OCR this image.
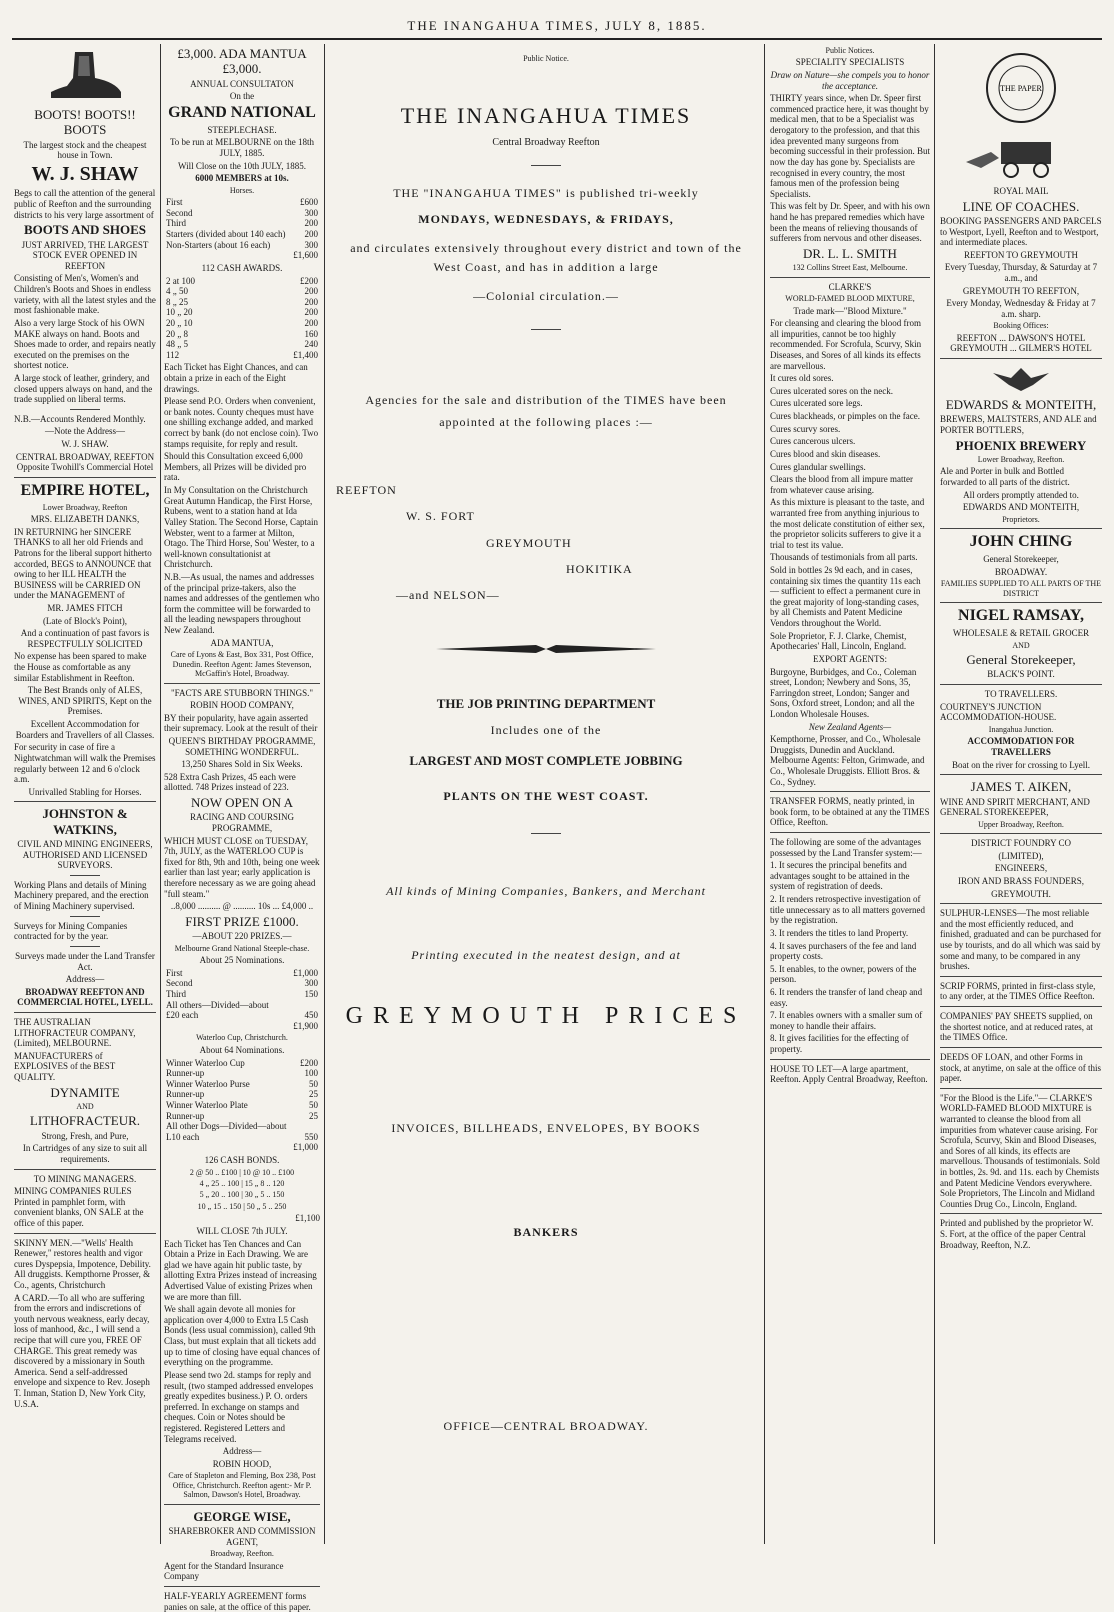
THE INANGAHUA TIMES, JULY 8, 1885.

BOOTS! BOOTS!! BOOTS

The largest stock and the cheapest house in Town.

W. J. SHAW

Begs to call the attention of the general public of Reefton and the surrounding districts to his very large assortment of

BOOTS AND SHOES

JUST ARRIVED, THE LARGEST STOCK EVER OPENED IN REEFTON

Consisting of Men's, Women's and Children's Boots and Shoes in endless variety, with all the latest styles and the most fashionable make.

Also a very large Stock of his OWN MAKE always on hand. Boots and Shoes made to order, and repairs neatly executed on the premises on the shortest notice.

A large stock of leather, grindery, and closed uppers always on hand, and the trade supplied on liberal terms.

N.B.—Accounts Rendered Monthly.

—Note the Address—

W. J. SHAW.

CENTRAL BROADWAY, REEFTON Opposite Twohill's Commercial Hotel

EMPIRE HOTEL,

Lower Broadway, Reefton

MRS. ELIZABETH DANKS,

IN RETURNING her SINCERE THANKS to all her old Friends and Patrons for the liberal support hitherto accorded, BEGS to ANNOUNCE that owing to her ILL HEALTH the BUSINESS will be CARRIED ON under the MANAGEMENT of

MR. JAMES FITCH

(Late of Block's Point),

And a continuation of past favors is RESPECTFULLY SOLICITED

No expense has been spared to make the House as comfortable as any similar Establishment in Reefton.

The Best Brands only of ALES, WINES, AND SPIRITS, Kept on the Premises.

Excellent Accommodation for Boarders and Travellers of all Classes.

For security in case of fire a Nightwatchman will walk the Premises regularly between 12 and 6 o'clock a.m.

Unrivalled Stabling for Horses.

JOHNSTON & WATKINS,

CIVIL AND MINING ENGINEERS, AUTHORISED AND LICENSED SURVEYORS.

Working Plans and details of Mining Machinery prepared, and the erection of Mining Machinery supervised.

Surveys for Mining Companies contracted for by the year.

Surveys made under the Land Transfer Act.

Address—

BROADWAY REEFTON AND COMMERCIAL HOTEL, LYELL.

THE AUSTRALIAN LITHOFRACTEUR COMPANY, (Limited), MELBOURNE.

MANUFACTURERS of EXPLOSIVES of the BEST QUALITY.

DYNAMITE

AND

LITHOFRACTEUR.

Strong, Fresh, and Pure,

In Cartridges of any size to suit all requirements.

TO MINING MANAGERS.

MINING COMPANIES RULES Printed in pamphlet form, with convenient blanks, ON SALE at the office of this paper.

SKINNY MEN.—"Wells' Health Renewer," restores health and vigor cures Dyspepsia, Impotence, Debility. All druggists. Kempthorne Prosser, & Co., agents, Christchurch

A CARD.—To all who are suffering from the errors and indiscretions of youth nervous weakness, early decay, loss of manhood, &c., I will send a recipe that will cure you, FREE OF CHARGE. This great remedy was discovered by a missionary in South America. Send a self-addressed envelope and sixpence to Rev. Joseph T. Inman, Station D, New York City, U.S.A.

£3,000. ADA MANTUA £3,000.

ANNUAL CONSULTATON

On the

GRAND NATIONAL

STEEPLECHASE.

To be run at MELBOURNE on the 18th JULY, 1885.

Will Close on the 10th JULY, 1885.

6000 MEMBERS at 10s.

Horses.

First	£600
Second	300
Third	200
Starters (divided about 140 each)	200
Non-Starters (about 16 each)	300
	£1,600

112 CASH AWARDS.

2 at 100	£200
4 „ 50	200
8 „ 25	200
10 „ 20	200
20 „ 10	200
20 „ 8	160
48 „ 5	240
112	£1,400

Each Ticket has Eight Chances, and can obtain a prize in each of the Eight drawings.

Please send P.O. Orders when convenient, or bank notes. County cheques must have one shilling exchange added, and marked correct by bank (do not enclose coin). Two stamps requisite, for reply and result.

Should this Consultation exceed 6,000 Members, all Prizes will be divided pro rata.

In My Consultation on the Christchurch Great Autumn Handicap, the First Horse, Rubens, went to a station hand at Ida Valley Station. The Second Horse, Captain Webster, went to a farmer at Milton, Otago. The Third Horse, Sou' Wester, to a well-known consultationist at Christchurch.

N.B.—As usual, the names and addresses of the principal prize-takers, also the names and addresses of the gentlemen who form the committee will be forwarded to all the leading newspapers throughout New Zealand.

ADA MANTUA,

Care of Lyons & East, Box 331, Post Office, Dunedin. Reefton Agent: James Stevenson, McGaffin's Hotel, Broadway.

"FACTS ARE STUBBORN THINGS."

ROBIN HOOD COMPANY,

BY their popularity, have again asserted their supremacy. Look at the result of their

QUEEN'S BIRTHDAY PROGRAMME, SOMETHING WONDERFUL.

13,250 Shares Sold in Six Weeks.

528 Extra Cash Prizes, 45 each were allotted. 748 Prizes instead of 223.

NOW OPEN ON A

RACING AND COURSING PROGRAMME,

WHICH MUST CLOSE on TUESDAY, 7th, JULY, as the WATERLOO CUP is fixed for 8th, 9th and 10th, being one week earlier than last year; early application is therefore necessary as we are going ahead "full steam."

..8,000 .......... @ .......... 10s ... £4,000 ..

FIRST PRIZE £1000.

—ABOUT 220 PRIZES.—

Melbourne Grand National Steeple-chase.

About 25 Nominations.

First	£1,000
Second	300
Third	150
All others—Divided—about	
£20 each	450
	£1,900

Waterloo Cup, Christchurch.

About 64 Nominations.

Winner Waterloo Cup	£200
Runner-up	100
Winner Waterloo Purse	50
Runner-up	25
Winner Waterloo Plate	50
Runner-up	25
All other Dogs—Divided—about	
L10 each	550
	£1,000

126 CASH BONDS.

2 @ 50 .. £100 | 10 @ 10 .. £100

4 „ 25 .. 100 | 15 „ 8 .. 120

5 „ 20 .. 100 | 30 „ 5 .. 150

10 „ 15 .. 150 | 50 „ 5 .. 250

£1,100

WILL CLOSE 7th JULY.

Each Ticket has Ten Chances and Can Obtain a Prize in Each Drawing. We are glad we have again hit public taste, by allotting Extra Prizes instead of increasing Advertised Value of existing Prizes when we are more than fill.

We shall again devote all monies for application over 4,000 to Extra L5 Cash Bonds (less usual commission), called 9th Class, but must explain that all tickets add up to time of closing have equal chances of everything on the programme.

Please send two 2d. stamps for reply and result, (two stamped addressed envelopes greatly expedites business.) P. O. orders preferred. In exchange on stamps and cheques. Coin or Notes should be registered. Registered Letters and Telegrams received.

Address—

ROBIN HOOD,

Care of Stapleton and Fleming, Box 238, Post Office, Christchurch. Reefton agent:- Mr P. Salmon, Dawson's Hotel, Broadway.

GEORGE WISE,

SHAREBROKER AND COMMISSION AGENT,

Broadway, Reefton.

Agent for the Standard Insurance Company

HALF-YEARLY AGREEMENT forms panies on sale, at the office of this paper.

Public Notice.

THE INANGAHUA TIMES

Central Broadway Reefton

THE "INANGAHUA TIMES" is published tri-weekly

MONDAYS, WEDNESDAYS, & FRIDAYS,

and circulates extensively throughout every district and town of the West Coast, and has in addition a large

—Colonial circulation.—

Agencies for the sale and distribution of the TIMES have been appointed at the following places :—

REEFTON

W. S. FORT

GREYMOUTH

HOKITIKA

—and NELSON—

THE JOB PRINTING DEPARTMENT

Includes one of the

LARGEST AND MOST COMPLETE JOBBING

PLANTS ON THE WEST COAST.

All kinds of Mining Companies, Bankers, and Merchant

Printing executed in the neatest design, and at

GREYMOUTH PRICES

INVOICES, BILLHEADS, ENVELOPES, BY BOOKS

BANKERS

OFFICE—CENTRAL BROADWAY.

Public Notices.

SPECIALITY SPECIALISTS

Draw on Nature—she compels you to honor the acceptance.

THIRTY years since, when Dr. Speer first commenced practice here, it was thought by medical men, that to be a Specialist was derogatory to the profession, and that this idea prevented many surgeons from becoming successful in their profession. But now the day has gone by. Specialists are recognised in every country, the most famous men of the profession being Specialists.

This was felt by Dr. Speer, and with his own hand he has prepared remedies which have been the means of relieving thousands of sufferers from nervous and other diseases.

DR. L. L. SMITH

132 Collins Street East, Melbourne.

CLARKE'S

WORLD-FAMED BLOOD MIXTURE,

Trade mark—"Blood Mixture."

For cleansing and clearing the blood from all impurities, cannot be too highly recommended. For Scrofula, Scurvy, Skin Diseases, and Sores of all kinds its effects are marvellous.

It cures old sores.

Cures ulcerated sores on the neck.

Cures ulcerated sore legs.

Cures blackheads, or pimples on the face.

Cures scurvy sores.

Cures cancerous ulcers.

Cures blood and skin diseases.

Cures glandular swellings.

Clears the blood from all impure matter from whatever cause arising.

As this mixture is pleasant to the taste, and warranted free from anything injurious to the most delicate constitution of either sex, the proprietor solicits sufferers to give it a trial to test its value.

Thousands of testimonials from all parts.

Sold in bottles 2s 9d each, and in cases, containing six times the quantity 11s each — sufficient to effect a permanent cure in the great majority of long-standing cases, by all Chemists and Patent Medicine Vendors throughout the World.

Sole Proprietor, F. J. Clarke, Chemist, Apothecaries' Hall, Lincoln, England.

EXPORT AGENTS:

Burgoyne, Burbidges, and Co., Coleman street, London; Newbery and Sons, 35, Farringdon street, London; Sanger and Sons, Oxford street, London; and all the London Wholesale Houses.

New Zealand Agents—

Kempthorne, Prosser, and Co., Wholesale Druggists, Dunedin and Auckland. Melbourne Agents: Felton, Grimwade, and Co., Wholesale Druggists. Elliott Bros. & Co., Sydney.

TRANSFER FORMS, neatly printed, in book form, to be obtained at any the TIMES Office, Reefton.

The following are some of the advantages possessed by the Land Transfer system:—

1. It secures the principal benefits and advantages sought to be attained in the system of registration of deeds.

2. It renders retrospective investigation of title unnecessary as to all matters governed by the registration.

3. It renders the titles to land Property.

4. It saves purchasers of the fee and land property costs.

5. It enables, to the owner, powers of the person.

6. It renders the transfer of land cheap and easy.

7. It enables owners with a smaller sum of money to handle their affairs.

8. It gives facilities for the effecting of property.

HOUSE TO LET—A large apartment, Reefton. Apply Central Broadway, Reefton.

THE PAPER

ROYAL MAIL

LINE OF COACHES.

BOOKING PASSENGERS AND PARCELS to Westport, Lyell, Reefton and to Westport, and intermediate places.

REEFTON TO GREYMOUTH

Every Tuesday, Thursday, & Saturday at 7 a.m., and

GREYMOUTH TO REEFTON,

Every Monday, Wednesday & Friday at 7 a.m. sharp.

Booking Offices:

REEFTON ... DAWSON'S HOTEL GREYMOUTH ... GILMER'S HOTEL

EDWARDS & MONTEITH,

BREWERS, MALTSTERS, AND ALE and PORTER BOTTLERS,

PHOENIX BREWERY

Lower Broadway, Reefton.

Ale and Porter in bulk and Bottled forwarded to all parts of the district.

All orders promptly attended to.

EDWARDS AND MONTEITH,

Proprietors.

JOHN CHING

General Storekeeper,

BROADWAY.

FAMILIES SUPPLIED TO ALL PARTS OF THE DISTRICT

NIGEL RAMSAY,

WHOLESALE & RETAIL GROCER

AND

General Storekeeper,

BLACK'S POINT.

TO TRAVELLERS.

COURTNEY'S JUNCTION ACCOMMODATION-HOUSE.

Inangahua Junction.

ACCOMMODATION FOR TRAVELLERS

Boat on the river for crossing to Lyell.

JAMES T. AIKEN,

WINE AND SPIRIT MERCHANT, AND GENERAL STOREKEEPER,

Upper Broadway, Reefton.

DISTRICT FOUNDRY CO

(LIMITED),

ENGINEERS,

IRON AND BRASS FOUNDERS,

GREYMOUTH.

SULPHUR-LENSES—The most reliable and the most efficiently reduced, and finished, graduated and can be purchased for use by tourists, and do all which was said by some and many, to be compared in any brushes.

SCRIP FORMS, printed in first-class style, to any order, at the TIMES Office Reefton.

COMPANIES' PAY SHEETS supplied, on the shortest notice, and at reduced rates, at the TIMES Office.

DEEDS OF LOAN, and other Forms in stock, at anytime, on sale at the office of this paper.

"For the Blood is the Life."— CLARKE'S WORLD-FAMED BLOOD MIXTURE is warranted to cleanse the blood from all impurities from whatever cause arising. For Scrofula, Scurvy, Skin and Blood Diseases, and Sores of all kinds, its effects are marvellous. Thousands of testimonials. Sold in bottles, 2s. 9d. and 11s. each by Chemists and Patent Medicine Vendors everywhere. Sole Proprietors, The Lincoln and Midland Counties Drug Co., Lincoln, England.

Printed and published by the proprietor W. S. Fort, at the office of the paper Central Broadway, Reefton, N.Z.
